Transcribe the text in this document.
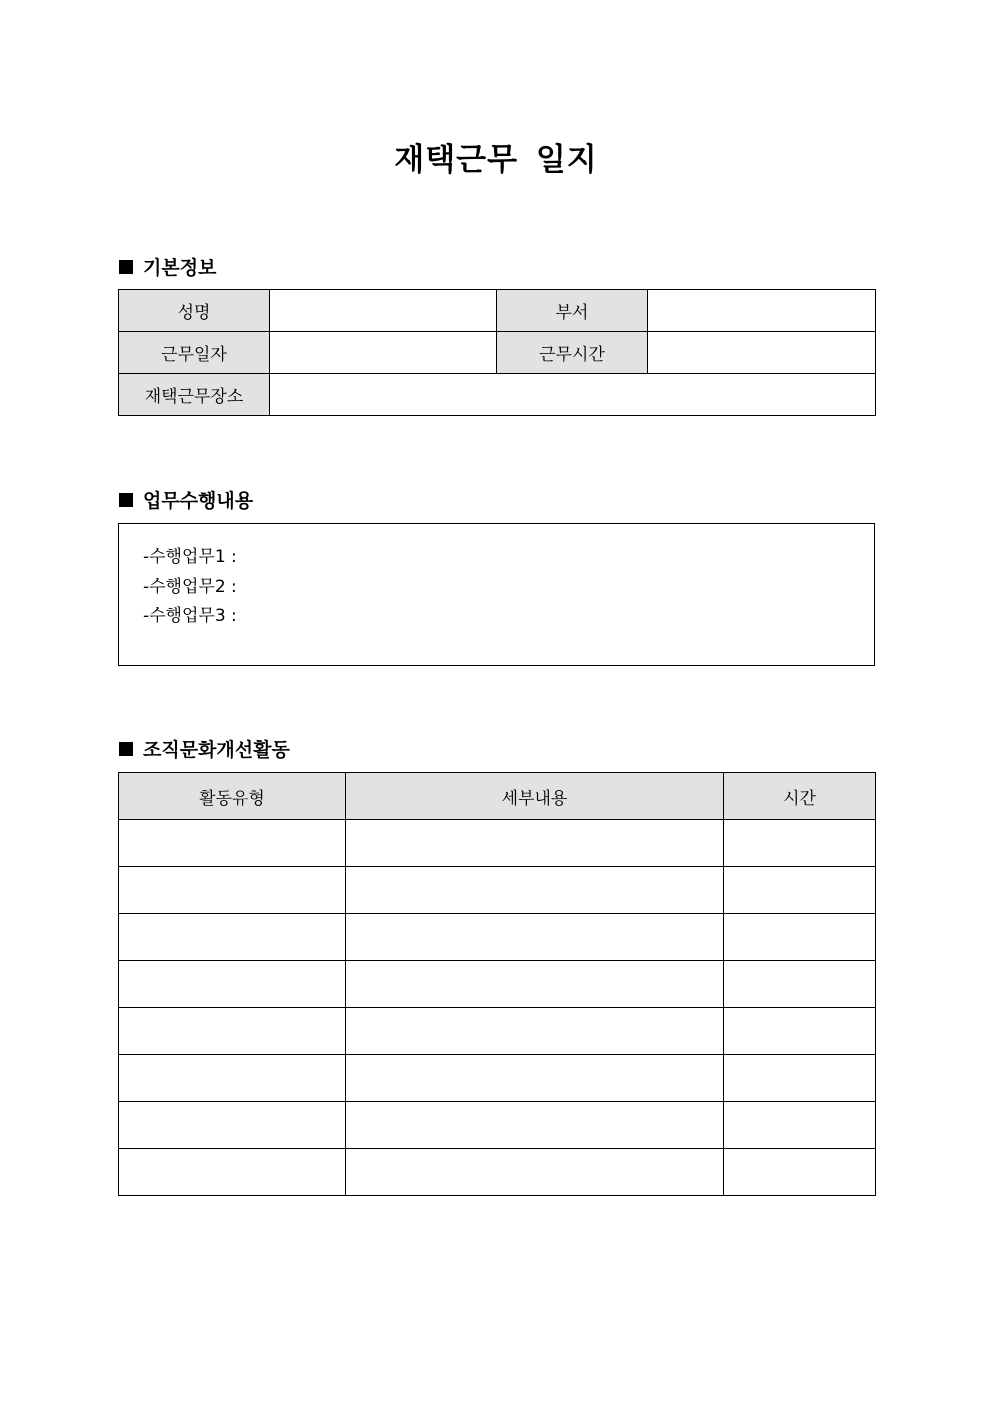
재택근무 일지
기본정보
성명		부서	
근무일자		근무시간	
재택근무장소			
업무수행내용
-수행업무1 :
-수행업무2 :
-수행업무3 :
조직문화개선활동
활동유형	세부내용	시간
